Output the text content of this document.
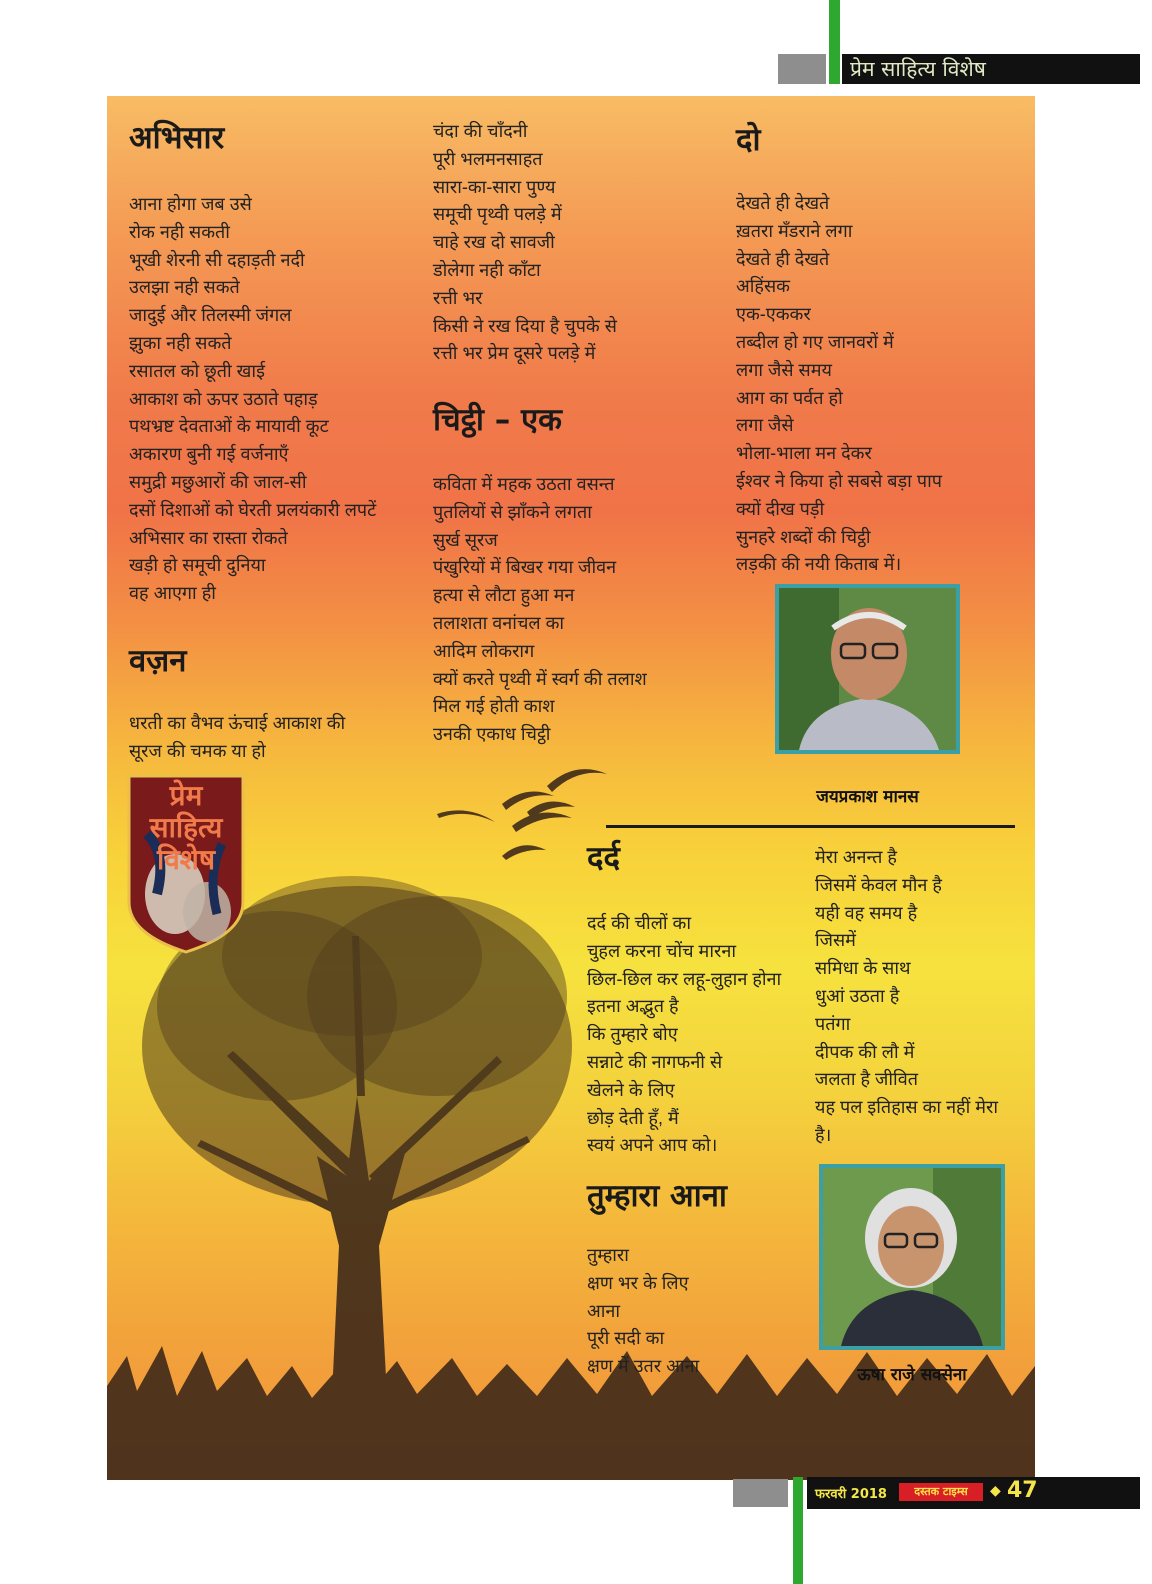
प्रेम साहित्य विशेष
अभिसार
आना होगा जब उसे
रोक नही सकती
भूखी शेरनी सी दहाड़ती नदी
उलझा नही सकते
जादुई और तिलस्मी जंगल
झुका नही सकते
रसातल को छूती खाई
आकाश को ऊपर उठाते पहाड़
पथभ्रष्ट देवताओं के मायावी कूट
अकारण बुनी गई वर्जनाएँ
समुद्री मछुआरों की जाल-सी
दसों दिशाओं को घेरती प्रलयंकारी लपटें
अभिसार का रास्ता रोकते
खड़ी हो समूची दुनिया
वह आएगा ही
वज़न
धरती का वैभव ऊंचाई आकाश की
सूरज की चमक या हो
प्रेम
साहित्य
विशेष
चंदा की चाँदनी
पूरी भलमनसाहत
सारा-का-सारा पुण्य
समूची पृथ्वी पलड़े में
चाहे रख दो सावजी
डोलेगा नही काँटा
रत्ती भर
किसी ने रख दिया है चुपके से
रत्ती भर प्रेम दूसरे पलड़े में
चिट्ठी – एक
कविता में महक उठता वसन्त
पुतलियों से झाँकने लगता
सुर्ख सूरज
पंखुरियों में बिखर गया जीवन
हत्या से लौटा हुआ मन
तलाशता वनांचल का
आदिम लोकराग
क्यों करते पृथ्वी में स्वर्ग की तलाश
मिल गई होती काश
उनकी एकाध चिट्ठी
दो
देखते ही देखते
ख़तरा मँडराने लगा
देखते ही देखते
अहिंसक
एक-एककर
तब्दील हो गए जानवरों में
लगा जैसे समय
आग का पर्वत हो
लगा जैसे
भोला-भाला मन देकर
ईश्वर ने किया हो सबसे बड़ा पाप
क्यों दीख पड़ी
सुनहरे शब्दों की चिट्ठी
लड़की की नयी किताब में।
जयप्रकाश मानस
दर्द
दर्द की चीलों का
चुहल करना चोंच मारना
छिल-छिल कर लहू-लुहान होना
इतना अद्भुत है
कि तुम्हारे बोए
सन्नाटे की नागफनी से
खेलने के लिए
छोड़ देती हूँ, मैं
स्वयं अपने आप को।
तुम्हारा आना
तुम्हारा
क्षण भर के लिए
आना
पूरी सदी का
क्षण में उतर आना
मेरा अनन्त है
जिसमें केवल मौन है
यही वह समय है
जिसमें
समिधा के साथ
धुआं उठता है
पतंगा
दीपक की लौ में
जलता है जीवित
यह पल इतिहास का नहीं मेरा
है।
ऊषा राजे सक्सेना
फरवरी 2018	दस्तक टाइम्स	◆ 47
